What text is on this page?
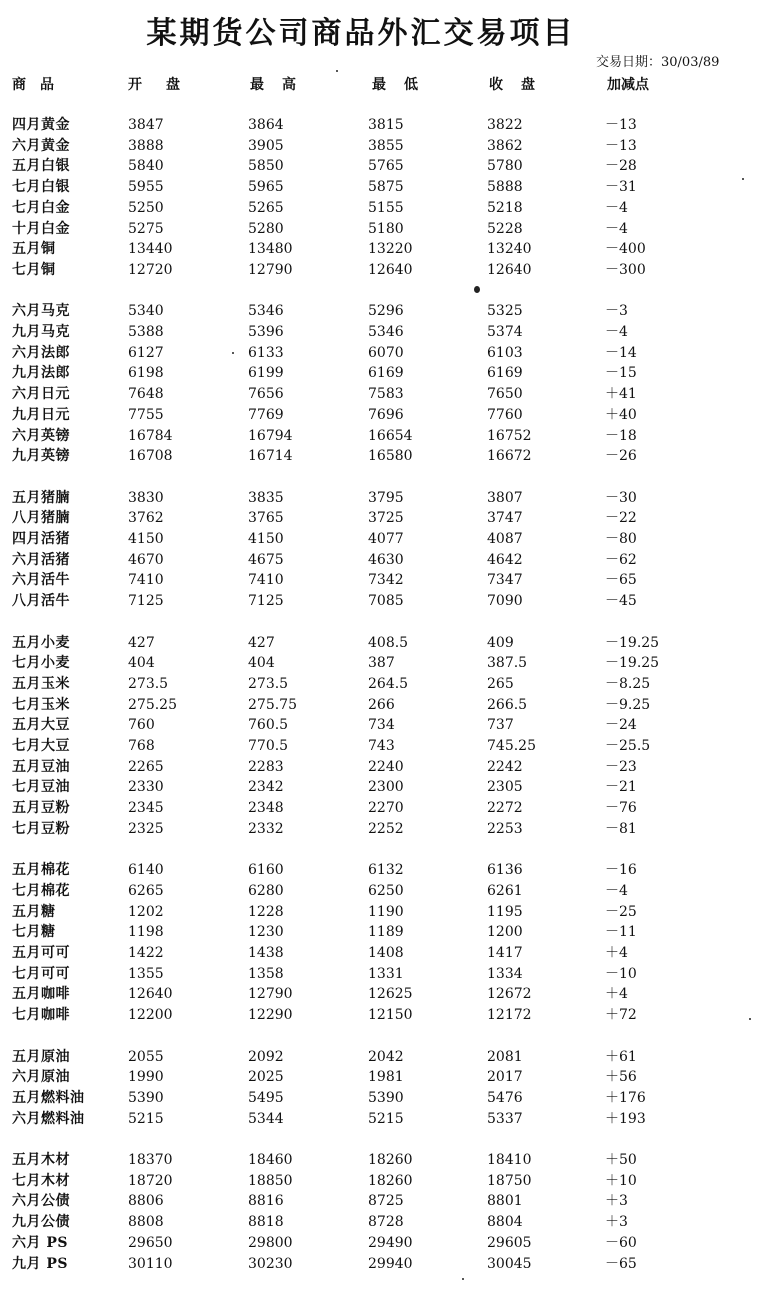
某期货公司商品外汇交易项目
交易日期：30/03/89
商品	开盘	最高	最低	收盘	加减点
四月黄金	3847	3864	3815	3822	－13
六月黄金	3888	3905	3855	3862	－13
五月白银	5840	5850	5765	5780	－28
七月白银	5955	5965	5875	5888	－31
七月白金	5250	5265	5155	5218	－4
十月白金	5275	5280	5180	5228	－4
五月铜	13440	13480	13220	13240	－400
七月铜	12720	12790	12640	12640	－300
六月马克	5340	5346	5296	5325	－3
九月马克	5388	5396	5346	5374	－4
六月法郎	6127	6133	6070	6103	－14
九月法郎	6198	6199	6169	6169	－15
六月日元	7648	7656	7583	7650	＋41
九月日元	7755	7769	7696	7760	＋40
六月英镑	16784	16794	16654	16752	－18
九月英镑	16708	16714	16580	16672	－26
五月猪腩	3830	3835	3795	3807	－30
八月猪腩	3762	3765	3725	3747	－22
四月活猪	4150	4150	4077	4087	－80
六月活猪	4670	4675	4630	4642	－62
六月活牛	7410	7410	7342	7347	－65
八月活牛	7125	7125	7085	7090	－45
五月小麦	427	427	408.5	409	－19.25
七月小麦	404	404	387	387.5	－19.25
五月玉米	273.5	273.5	264.5	265	－8.25
七月玉米	275.25	275.75	266	266.5	－9.25
五月大豆	760	760.5	734	737	－24
七月大豆	768	770.5	743	745.25	－25.5
五月豆油	2265	2283	2240	2242	－23
七月豆油	2330	2342	2300	2305	－21
五月豆粉	2345	2348	2270	2272	－76
七月豆粉	2325	2332	2252	2253	－81
五月棉花	6140	6160	6132	6136	－16
七月棉花	6265	6280	6250	6261	－4
五月糖	1202	1228	1190	1195	－25
七月糖	1198	1230	1189	1200	－11
五月可可	1422	1438	1408	1417	＋4
七月可可	1355	1358	1331	1334	－10
五月咖啡	12640	12790	12625	12672	＋4
七月咖啡	12200	12290	12150	12172	＋72
五月原油	2055	2092	2042	2081	＋61
六月原油	1990	2025	1981	2017	＋56
五月燃料油	5390	5495	5390	5476	＋176
六月燃料油	5215	5344	5215	5337	＋193
五月木材	18370	18460	18260	18410	＋50
七月木材	18720	18850	18260	18750	＋10
六月公债	8806	8816	8725	8801	＋3
九月公债	8808	8818	8728	8804	＋3
六月 PS	29650	29800	29490	29605	－60
九月 PS	30110	30230	29940	30045	－65
